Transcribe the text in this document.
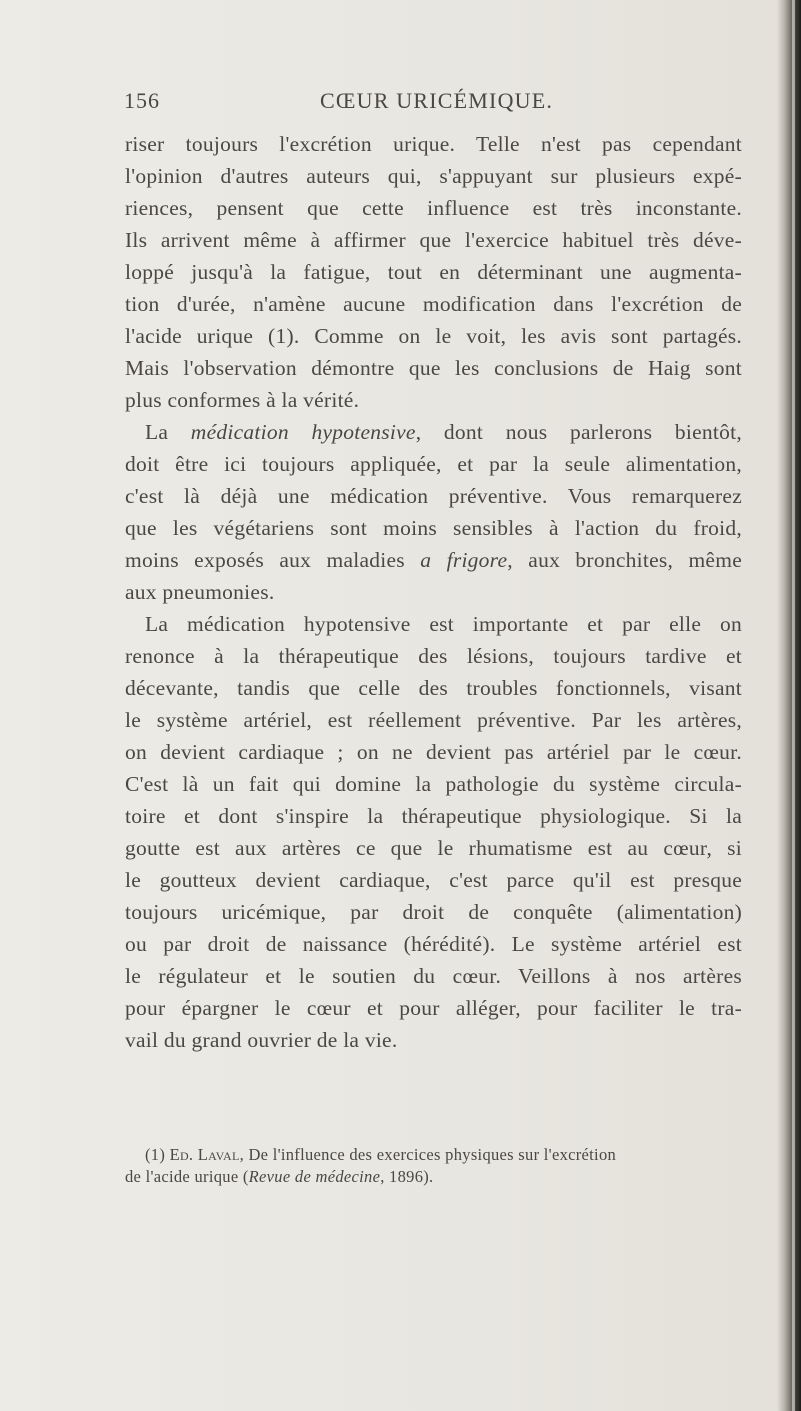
156	CŒUR URICÉMIQUE.
riser toujours l'excrétion urique. Telle n'est pas cependant
l'opinion d'autres auteurs qui, s'appuyant sur plusieurs expé-
riences, pensent que cette influence est très inconstante.
Ils arrivent même à affirmer que l'exercice habituel très déve-
loppé jusqu'à la fatigue, tout en déterminant une augmenta-
tion d'urée, n'amène aucune modification dans l'excrétion de
l'acide urique (1). Comme on le voit, les avis sont partagés.
Mais l'observation démontre que les conclusions de Haig sont
plus conformes à la vérité.
La médication hypotensive, dont nous parlerons bientôt,
doit être ici toujours appliquée, et par la seule alimentation,
c'est là déjà une médication préventive. Vous remarquerez
que les végétariens sont moins sensibles à l'action du froid,
moins exposés aux maladies a frigore, aux bronchites, même
aux pneumonies.
La médication hypotensive est importante et par elle on
renonce à la thérapeutique des lésions, toujours tardive et
décevante, tandis que celle des troubles fonctionnels, visant
le système artériel, est réellement préventive. Par les artères,
on devient cardiaque ; on ne devient pas artériel par le cœur.
C'est là un fait qui domine la pathologie du système circula-
toire et dont s'inspire la thérapeutique physiologique. Si la
goutte est aux artères ce que le rhumatisme est au cœur, si
le goutteux devient cardiaque, c'est parce qu'il est presque
toujours uricémique, par droit de conquête (alimentation)
ou par droit de naissance (hérédité). Le système artériel est
le régulateur et le soutien du cœur. Veillons à nos artères
pour épargner le cœur et pour alléger, pour faciliter le tra-
vail du grand ouvrier de la vie.
(1) Ed. Laval, De l'influence des exercices physiques sur l'excrétion
de l'acide urique (Revue de médecine, 1896).
